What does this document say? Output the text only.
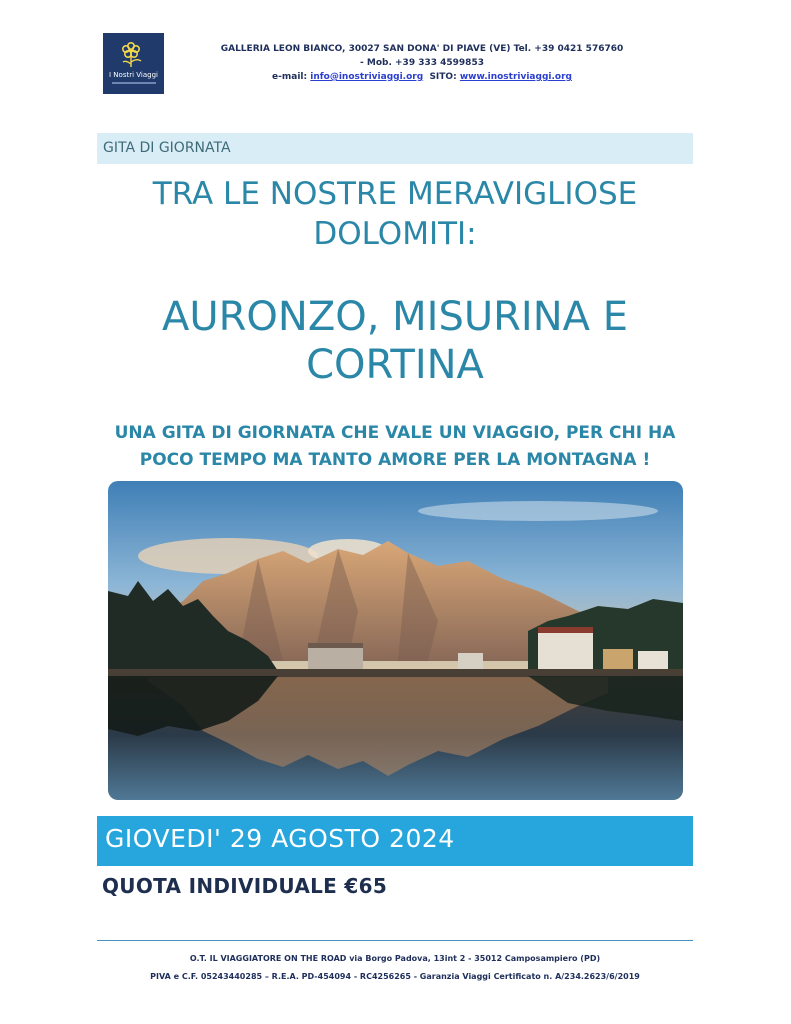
I Nostri Viaggi
GALLERIA LEON BIANCO, 30027 SAN DONA' DI PIAVE (VE) Tel. +39 0421 576760
- Mob. +39 333 4599853
e-mail: info@inostriviaggi.org SITO: www.inostriviaggi.org
GITA DI GIORNATA
TRA LE NOSTRE MERAVIGLIOSE DOLOMITI:
AURONZO, MISURINA E CORTINA
UNA GITA DI GIORNATA CHE VALE UN VIAGGIO, PER CHI HA POCO TEMPO MA TANTO AMORE PER LA MONTAGNA !
GIOVEDI' 29 AGOSTO 2024
QUOTA INDIVIDUALE €65
O.T. IL VIAGGIATORE ON THE ROAD via Borgo Padova, 13int 2 - 35012 Camposampiero (PD)
PIVA e C.F. 05243440285 – R.E.A. PD-454094 - RC4256265 - Garanzia Viaggi Certificato n. A/234.2623/6/2019
